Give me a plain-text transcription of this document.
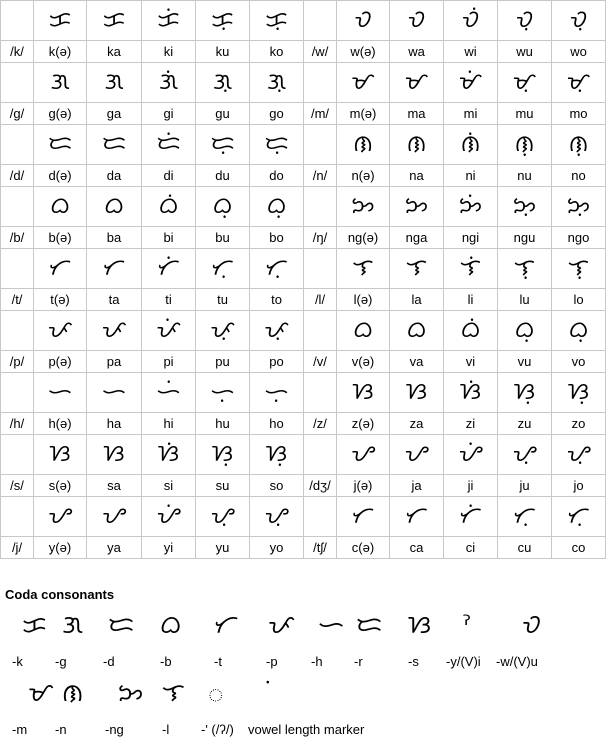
	ᜃ	ᜃ	ᜃᜒ	ᜃᜓ	ᜃᜓ		ᜏ	ᜏ	ᜏᜒ	ᜏᜓ	ᜏᜓ
/k/	k(ə)	ka	ki	ku	ko	/w/	w(ə)	wa	wi	wu	wo
	ᜄ	ᜄ	ᜄᜒ	ᜄᜓ	ᜄᜓ		ᜋ	ᜋ	ᜋᜒ	ᜋᜓ	ᜋᜓ
/g/	g(ə)	ga	gi	gu	go	/m/	m(ə)	ma	mi	mu	mo
	ᜇ	ᜇ	ᜇᜒ	ᜇᜓ	ᜇᜓ		ᜈ	ᜈ	ᜈᜒ	ᜈᜓ	ᜈᜓ
/d/	d(ə)	da	di	du	do	/n/	n(ə)	na	ni	nu	no
	ᜊ	ᜊ	ᜊᜒ	ᜊᜓ	ᜊᜓ		ᜅ	ᜅ	ᜅᜒ	ᜅᜓ	ᜅᜓ
/b/	b(ə)	ba	bi	bu	bo	/ŋ/	ng(ə)	nga	ngi	ngu	ngo
	ᜆ	ᜆ	ᜆᜒ	ᜆᜓ	ᜆᜓ		ᜎ	ᜎ	ᜎᜒ	ᜎᜓ	ᜎᜓ
/t/	t(ə)	ta	ti	tu	to	/l/	l(ə)	la	li	lu	lo
	ᜉ	ᜉ	ᜉᜒ	ᜉᜓ	ᜉᜓ		ᜊ	ᜊ	ᜊᜒ	ᜊᜓ	ᜊᜓ
/p/	p(ə)	pa	pi	pu	po	/v/	v(ə)	va	vi	vu	vo
	ᜑ	ᜑ	ᜑᜒ	ᜑᜓ	ᜑᜓ		ᜐ	ᜐ	ᜐᜒ	ᜐᜓ	ᜐᜓ
/h/	h(ə)	ha	hi	hu	ho	/z/	z(ə)	za	zi	zu	zo
	ᜐ	ᜐ	ᜐᜒ	ᜐᜓ	ᜐᜓ		ᜌ	ᜌ	ᜌᜒ	ᜌᜓ	ᜌᜓ
/s/	s(ə)	sa	si	su	so	/dʒ/	j(ə)	ja	ji	ju	jo
	ᜌ	ᜌ	ᜌᜒ	ᜌᜓ	ᜌᜓ		ᜆ	ᜆ	ᜆᜒ	ᜆᜓ	ᜆᜓ
/j/	y(ə)	ya	yi	yu	yo	/tʃ/	c(ə)	ca	ci	cu	co
Coda consonants
ᜃ
-k
ᜄ
-g
ᜇ
-d
ᜊ
-b
ᜆ
-t
ᜉ
-p
ᜑ
-h
ᜇ
-r
ᜐ
-s
ˀ
-y/(V)i
ᜏ
-w/(V)u
ᜋ
-m
ᜈ
-n
ᜅ
-ng
ᜎ
-l
ᜀ
-' (/ʔ/) vowel length marker
